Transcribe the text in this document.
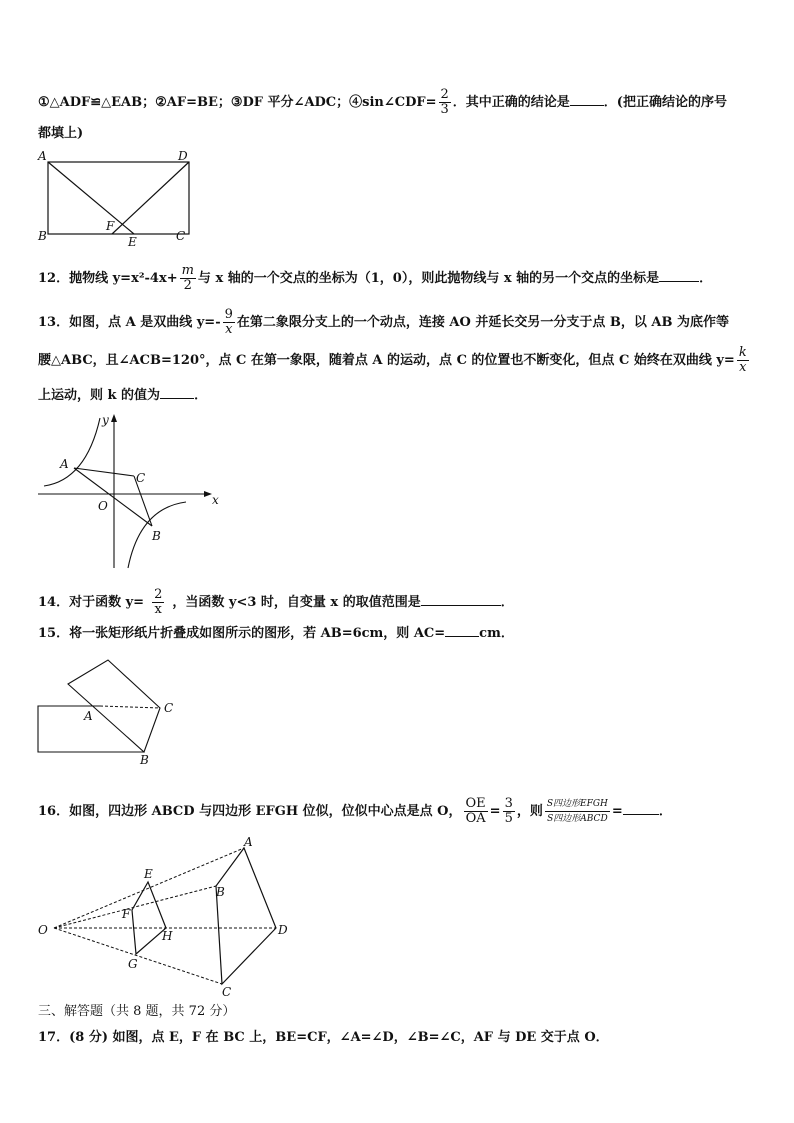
①△ADF≌△EAB；②AF=BE；③DF 平分∠ADC；④sin∠CDF= $\frac{2}{3}$ ．其中正确的结论是	．(把正确结论的序号
都填上)
A	D
B
F
E	C
12．抛物线 $y=x^2-4x+ \frac{m}{2}$ 与 x 轴的一个交点的坐标为（1，0），则此抛物线与 x 轴的另一个交点的坐标是	．
13．如图，点 A 是双曲线 $y=- \frac{9}{x}$ 在第二象限分支上的一个动点，连接 AO 并延长交另一分支于点 B，以 AB 为底作等
腰△ABC，且∠ACB=120°，点 C 在第一象限，随着点 A 的运动，点 C 的位置也不断变化，但点 C 始终在双曲线 $y= \frac{k}{x}$
上运动，则 k 的值为	．
y
x
A
C
O
B
14．对于函数 $y= \frac{2}{x}$ ，当函数 y<3 时，自变量 x 的取值范围是	．
15．将一张矩形纸片折叠成如图所示的图形，若 AB=6cm，则 AC=	cm．
A
C
B
16．如图，四边形 ABCD 与四边形 EFGH 位似，位似中心点是点 O， $\frac{OE}{OA} = \frac{3}{5}$ ，则 $\frac{\text{S四边形EFGH}}{\text{S四边形ABCD}}$ =	．
A
E
B
F
O	H	D
G
C
三、解答题（共 8 题，共 72 分）
17．(8 分) 如图，点 E，F 在 BC 上，BE=CF，∠A=∠D，∠B=∠C，AF 与 DE 交于点 O．
